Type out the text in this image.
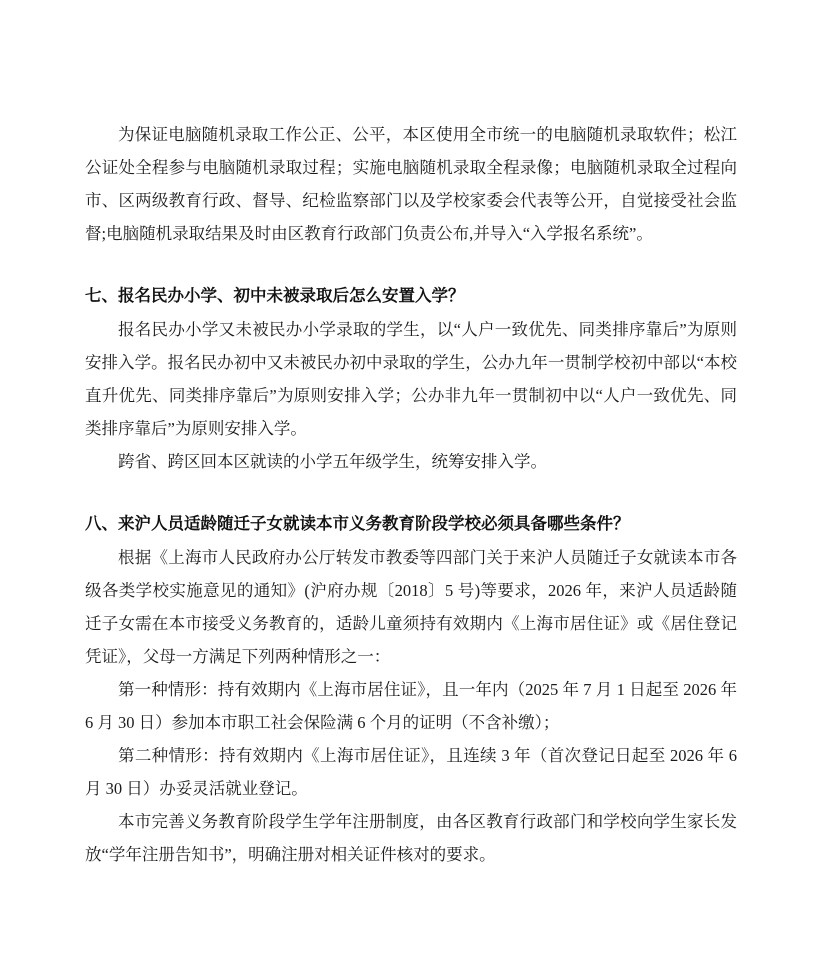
为保证电脑随机录取工作公正、公平，本区使用全市统一的电脑随机录取软件；松江公证处全程参与电脑随机录取过程；实施电脑随机录取全程录像；电脑随机录取全过程向市、区两级教育行政、督导、纪检监察部门以及学校家委会代表等公开，自觉接受社会监督;电脑随机录取结果及时由区教育行政部门负责公布,并导入“入学报名系统”。

七、报名民办小学、初中未被录取后怎么安置入学？

报名民办小学又未被民办小学录取的学生，以“人户一致优先、同类排序靠后”为原则安排入学。报名民办初中又未被民办初中录取的学生，公办九年一贯制学校初中部以“本校直升优先、同类排序靠后”为原则安排入学；公办非九年一贯制初中以“人户一致优先、同类排序靠后”为原则安排入学。

跨省、跨区回本区就读的小学五年级学生，统筹安排入学。

八、来沪人员适龄随迁子女就读本市义务教育阶段学校必须具备哪些条件？

根据《上海市人民政府办公厅转发市教委等四部门关于来沪人员随迁子女就读本市各级各类学校实施意见的通知》(沪府办规〔2018〕5 号)等要求，2026 年，来沪人员适龄随迁子女需在本市接受义务教育的，适龄儿童须持有效期内《上海市居住证》或《居住登记凭证》，父母一方满足下列两种情形之一：

第一种情形：持有效期内《上海市居住证》，且一年内（2025 年 7 月 1 日起至 2026 年 6 月 30 日）参加本市职工社会保险满 6 个月的证明（不含补缴）；

第二种情形：持有效期内《上海市居住证》，且连续 3 年（首次登记日起至 2026 年 6 月 30 日）办妥灵活就业登记。

本市完善义务教育阶段学生学年注册制度，由各区教育行政部门和学校向学生家长发放“学年注册告知书”，明确注册对相关证件核对的要求。
